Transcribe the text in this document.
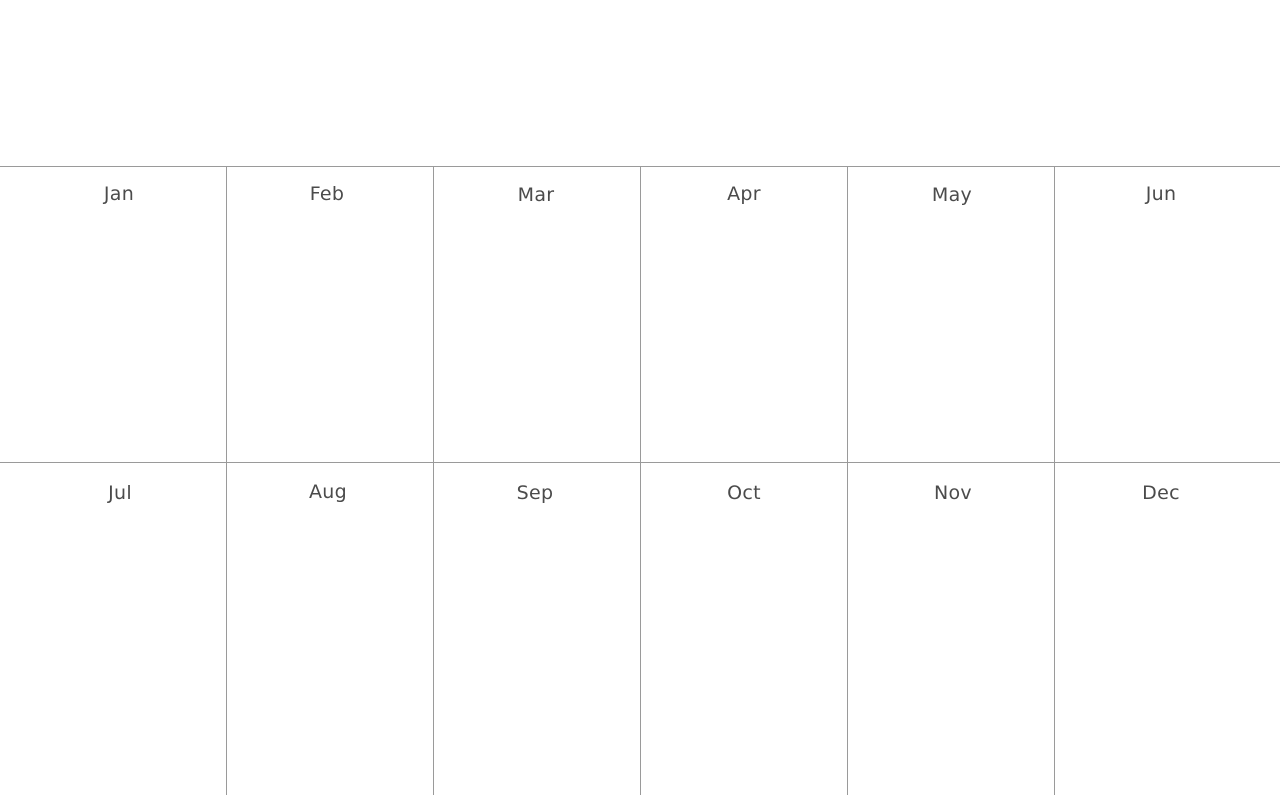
Jan	Feb	Mar	Apr	May	Jun
Jul	Aug	Sep	Oct	Nov	Dec
